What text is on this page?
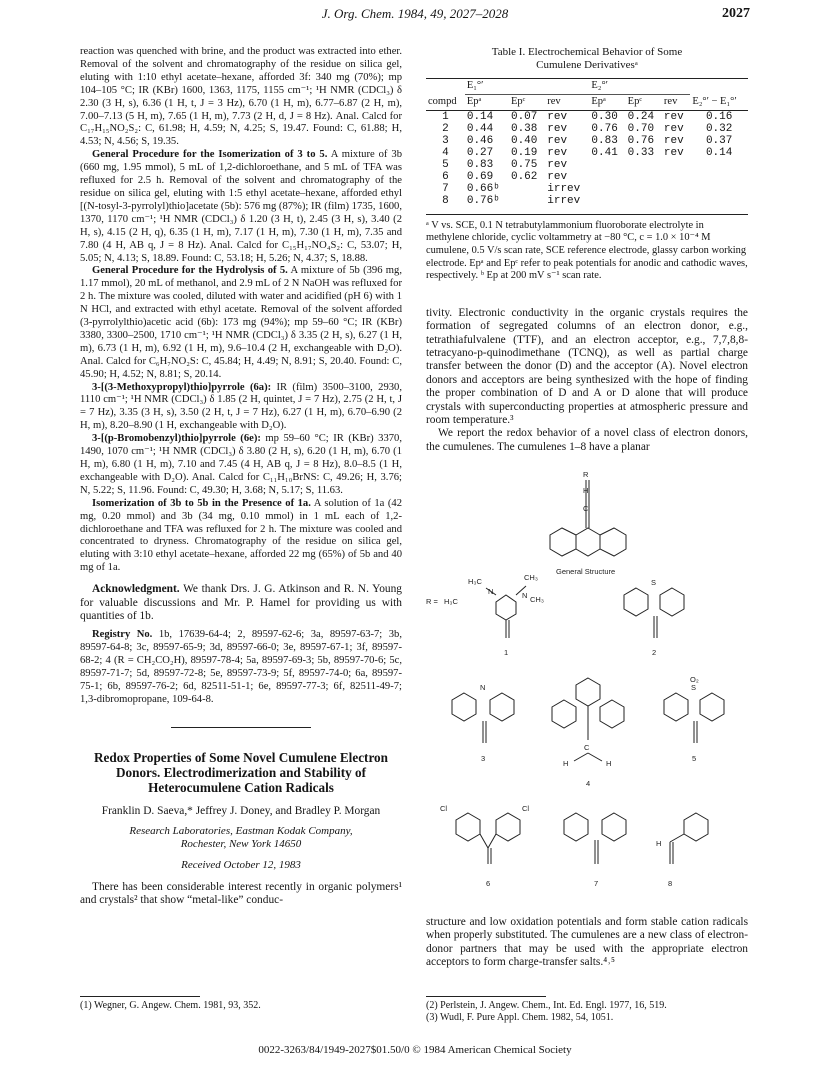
J. Org. Chem. 1984, 49, 2027–2028	2027

reaction was quenched with brine, and the product was extracted into ether. Removal of the solvent and chromatography of the residue on silica gel, eluting with 1:10 ethyl acetate–hexane, afforded 3f: 340 mg (70%); mp 104–105 °C; IR (KBr) 1600, 1363, 1175, 1155 cm⁻¹; ¹H NMR (CDCl₃) δ 2.30 (3 H, s), 6.36 (1 H, t, J = 3 Hz), 6.70 (1 H, m), 6.77–6.87 (2 H, m), 7.00–7.13 (5 H, m), 7.65 (1 H, m), 7.73 (2 H, d, J = 8 Hz). Anal. Calcd for C₁₇H₁₅NO₂S₂: C, 61.98; H, 4.59; N, 4.25; S, 19.47. Found: C, 61.88; H, 4.53; N, 4.56; S, 19.35.

General Procedure for the Isomerization of 3 to 5. A mixture of 3b (660 mg, 1.95 mmol), 5 mL of 1,2-dichloroethane, and 5 mL of TFA was refluxed for 2.5 h. Removal of the solvent and chromatography of the residue on silica gel, eluting with 1:5 ethyl acetate–hexane, afforded ethyl [(N-tosyl-3-pyrrolyl)thio]acetate (5b): 576 mg (87%); IR (film) 1735, 1600, 1370, 1170 cm⁻¹; ¹H NMR (CDCl₃) δ 1.20 (3 H, t), 2.45 (3 H, s), 3.40 (2 H, s), 4.15 (2 H, q), 6.35 (1 H, m), 7.17 (1 H, m), 7.30 (1 H, m), 7.35 and 7.80 (4 H, AB q, J = 8 Hz). Anal. Calcd for C₁₅H₁₇NO₄S₂: C, 53.07; H, 5.05; N, 4.13; S, 18.89. Found: C, 53.18; H, 5.26; N, 4.37; S, 18.88.

General Procedure for the Hydrolysis of 5. A mixture of 5b (396 mg, 1.17 mmol), 20 mL of methanol, and 2.9 mL of 2 N NaOH was refluxed for 2 h. The mixture was cooled, diluted with water and acidified (pH 6) with 1 N HCl, and extracted with ethyl acetate. Removal of the solvent afforded (3-pyrrolylthio)acetic acid (6b): 173 mg (94%); mp 59–60 °C; IR (KBr) 3380, 3300–2500, 1710 cm⁻¹; ¹H NMR (CDCl₃) δ 3.35 (2 H, s), 6.27 (1 H, m), 6.73 (1 H, m), 6.92 (1 H, m), 9.6–10.4 (2 H, exchangeable with D₂O). Anal. Calcd for C₆H₇NO₂S: C, 45.84; H, 4.49; N, 8.91; S, 20.40. Found: C, 45.90; H, 4.52; N, 8.81; S, 20.14.

3-[(3-Methoxypropyl)thio]pyrrole (6a): IR (film) 3500–3100, 2930, 1110 cm⁻¹; ¹H NMR (CDCl₃) δ 1.85 (2 H, quintet, J = 7 Hz), 2.75 (2 H, t, J = 7 Hz), 3.35 (3 H, s), 3.50 (2 H, t, J = 7 Hz), 6.27 (1 H, m), 6.70–6.90 (2 H, m), 8.20–8.90 (1 H, exchangeable with D₂O).

3-[(p-Bromobenzyl)thio]pyrrole (6e): mp 59–60 °C; IR (KBr) 3370, 1490, 1070 cm⁻¹; ¹H NMR (CDCl₃) δ 3.80 (2 H, s), 6.20 (1 H, m), 6.70 (1 H, m), 6.80 (1 H, m), 7.10 and 7.45 (4 H, AB q, J = 8 Hz), 8.0–8.5 (1 H, exchangeable with D₂O). Anal. Calcd for C₁₁H₁₀BrNS: C, 49.26; H, 3.76; N, 5.22; S, 11.96. Found: C, 49.30; H, 3.68; N, 5.17; S, 11.63.

Isomerization of 3b to 5b in the Presence of 1a. A solution of 1a (42 mg, 0.20 mmol) and 3b (34 mg, 0.10 mmol) in 1 mL each of 1,2-dichloroethane and TFA was refluxed for 2 h. The mixture was cooled and concentrated to dryness. Chromatography of the residue on silica gel, eluting with 3:10 ethyl acetate–hexane, afforded 22 mg (65%) of 5b and 40 mg of 1a.

Acknowledgment. We thank Drs. J. G. Atkinson and R. N. Young for valuable discussions and Mr. P. Hamel for providing us with quantities of 1b.

Registry No. 1b, 17639-64-4; 2, 89597-62-6; 3a, 89597-63-7; 3b, 89597-64-8; 3c, 89597-65-9; 3d, 89597-66-0; 3e, 89597-67-1; 3f, 89597-68-2; 4 (R = CH₂CO₂H), 89597-78-4; 5a, 89597-69-3; 5b, 89597-70-6; 5c, 89597-71-7; 5d, 89597-72-8; 5e, 89597-73-9; 5f, 89597-74-0; 6a, 89597-75-1; 6b, 89597-76-2; 6d, 82511-51-1; 6e, 89597-77-3; 6f, 82511-49-7; 1,3-dibromopropane, 109-64-8.

Redox Properties of Some Novel Cumulene Electron Donors. Electrodimerization and Stability of Heterocumulene Cation Radicals
Franklin D. Saeva,* Jeffrey J. Doney, and Bradley P. Morgan
Research Laboratories, Eastman Kodak Company,
Rochester, New York 14650
Received October 12, 1983

There has been considerable interest recently in organic polymers¹ and crystals² that show “metal-like” conduc-

Table I. Electrochemical Behavior of Some
Cumulene Derivativesᵃ
	E₁°′			E₂°′			
compd	Epᵃ	Epᶜ	rev	Epᵃ	Epᶜ	rev	E₂°′ − E₁°′
1	0.14	0.07	rev	0.30	0.24	rev	0.16
2	0.44	0.38	rev	0.76	0.70	rev	0.32
3	0.46	0.40	rev	0.83	0.76	rev	0.37
4	0.27	0.19	rev	0.41	0.33	rev	0.14
5	0.83	0.75	rev				
6	0.69	0.62	rev				
7	0.66ᵇ		irrev				
8	0.76ᵇ		irrev				
ᵃ V vs. SCE, 0.1 N tetrabutylammonium fluoroborate electrolyte in methylene chloride, cyclic voltammetry at −80 °C, c = 1.0 × 10⁻⁴ M cumulene, 0.5 V/s scan rate, SCE reference electrode, glassy carbon working electrode. Epᵃ and Epᶜ refer to peak potentials for anodic and cathodic waves, respectively. ᵇ Ep at 200 mV s⁻¹ scan rate.

tivity. Electronic conductivity in the organic crystals requires the formation of segregated columns of an electron donor, e.g., tetrathiafulvalene (TTF), and an electron acceptor, e.g., 7,7,8,8-tetracyano-p-quinodimethane (TCNQ), as well as partial charge transfer between the donor (D) and the acceptor (A). Novel electron donors and acceptors are being synthesized with the hope of finding the proper combination of D and A or D alone that will produce crystals with superconducting properties at atmospheric pressure and room temperature.³

We report the redox behavior of a novel class of electron donors, the cumulenes. The cumulenes 1–8 have a planar

R
H
C
General Structure
H₃C	CH₃
N	N
R = H₃C	CH₃
1
S
2
N
3
C
H	H
4
O₂
S
5
Cl	Cl
6	7
H
8

structure and low oxidation potentials and form stable cation radicals when properly substituted. The cumulenes are a new class of electron-donor partners that may be used with the appropriate electron acceptors to form charge-transfer salts.⁴˒⁵

(1) Wegner, G. Angew. Chem. 1981, 93, 352.	(2) Perlstein, J. Angew. Chem., Int. Ed. Engl. 1977, 16, 519.
(3) Wudl, F. Pure Appl. Chem. 1982, 54, 1051.
0022-3263/84/1949-2027$01.50/0 © 1984 American Chemical Society
